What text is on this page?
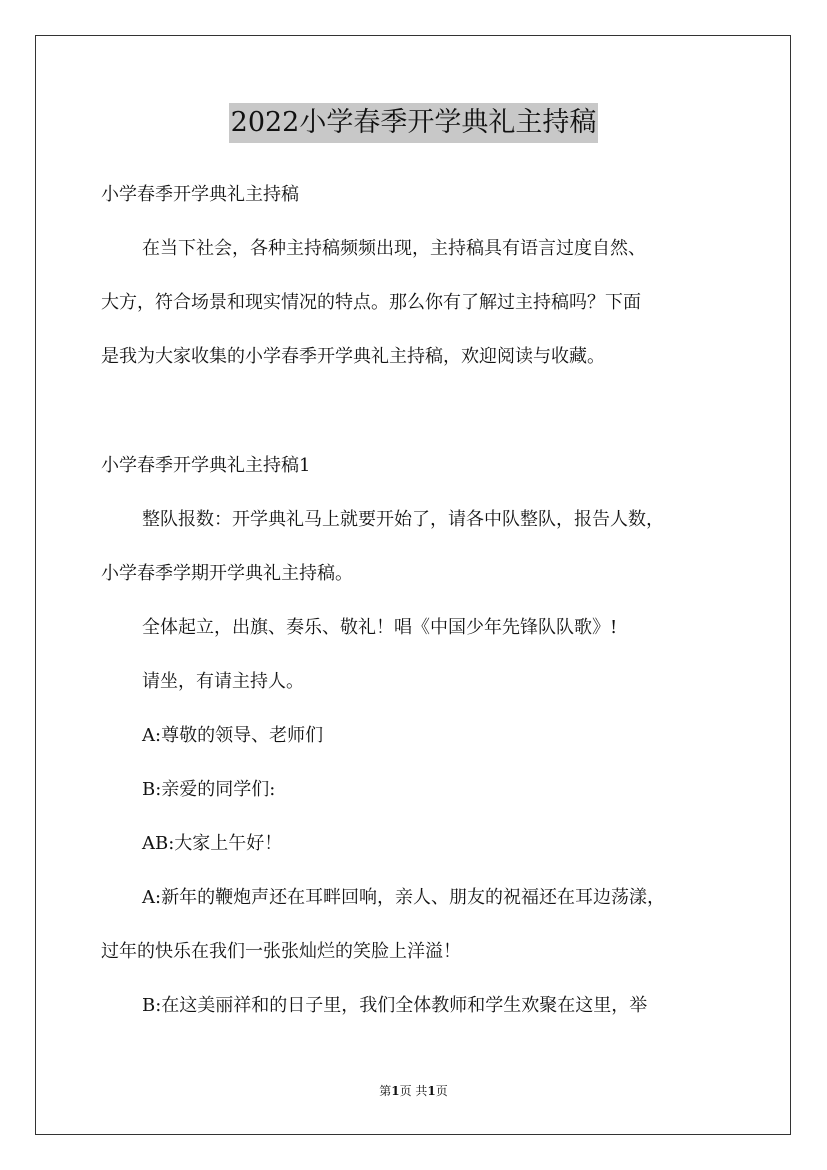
2022小学春季开学典礼主持稿
小学春季开学典礼主持稿
在当下社会，各种主持稿频频出现，主持稿具有语言过度自然、
大方，符合场景和现实情况的特点。那么你有了解过主持稿吗？下面
是我为大家收集的小学春季开学典礼主持稿，欢迎阅读与收藏。
小学春季开学典礼主持稿1
整队报数：开学典礼马上就要开始了，请各中队整队，报告人数，
小学春季学期开学典礼主持稿。
全体起立，出旗、奏乐、敬礼！唱《中国少年先锋队队歌》!
请坐，有请主持人。
A:尊敬的领导、老师们
B:亲爱的同学们:
AB:大家上午好！
A:新年的鞭炮声还在耳畔回响，亲人、朋友的祝福还在耳边荡漾，
过年的快乐在我们一张张灿烂的笑脸上洋溢！
B:在这美丽祥和的日子里，我们全体教师和学生欢聚在这里，举
第1页 共1页
